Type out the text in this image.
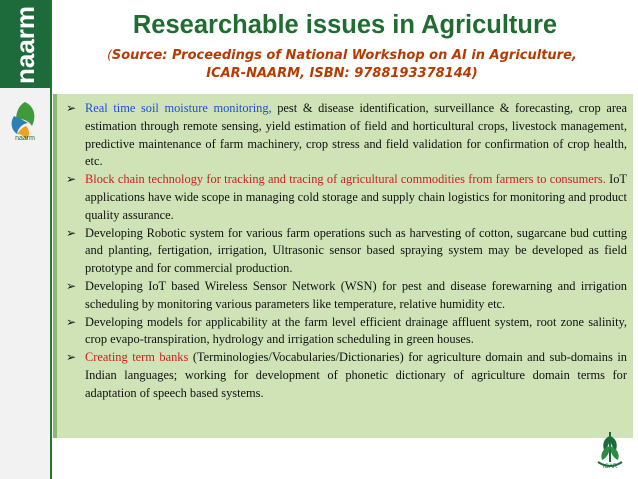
naarm
naarm
Researchable issues in Agriculture
(Source: Proceedings of National Workshop on AI in Agriculture,
ICAR-NAARM, ISBN: 9788193378144)
➢ Real time soil moisture monitoring, pest & disease identification, surveillance & forecasting, crop area estimation through remote sensing, yield estimation of field and horticultural crops, livestock management, predictive maintenance of farm machinery, crop stress and field validation for confirmation of crop health, etc.
➢ Block chain technology for tracking and tracing of agricultural commodities from farmers to consumers. IoT applications have wide scope in managing cold storage and supply chain logistics for monitoring and product quality assurance.
➢ Developing Robotic system for various farm operations such as harvesting of cotton, sugarcane bud cutting and planting, fertigation, irrigation, Ultrasonic sensor based spraying system may be developed as field prototype and for commercial production.
➢ Developing IoT based Wireless Sensor Network (WSN) for pest and disease forewarning and irrigation scheduling by monitoring various parameters like temperature, relative humidity etc.
➢ Developing models for applicability at the farm level efficient drainage affluent system, root zone salinity, crop evapo-transpiration, hydrology and irrigation scheduling in green houses.
➢ Creating term banks (Terminologies/Vocabularies/Dictionaries) for agriculture domain and sub-domains in Indian languages; working for development of phonetic dictionary of agriculture domain terms for adaptation of speech based systems.
ICAR
